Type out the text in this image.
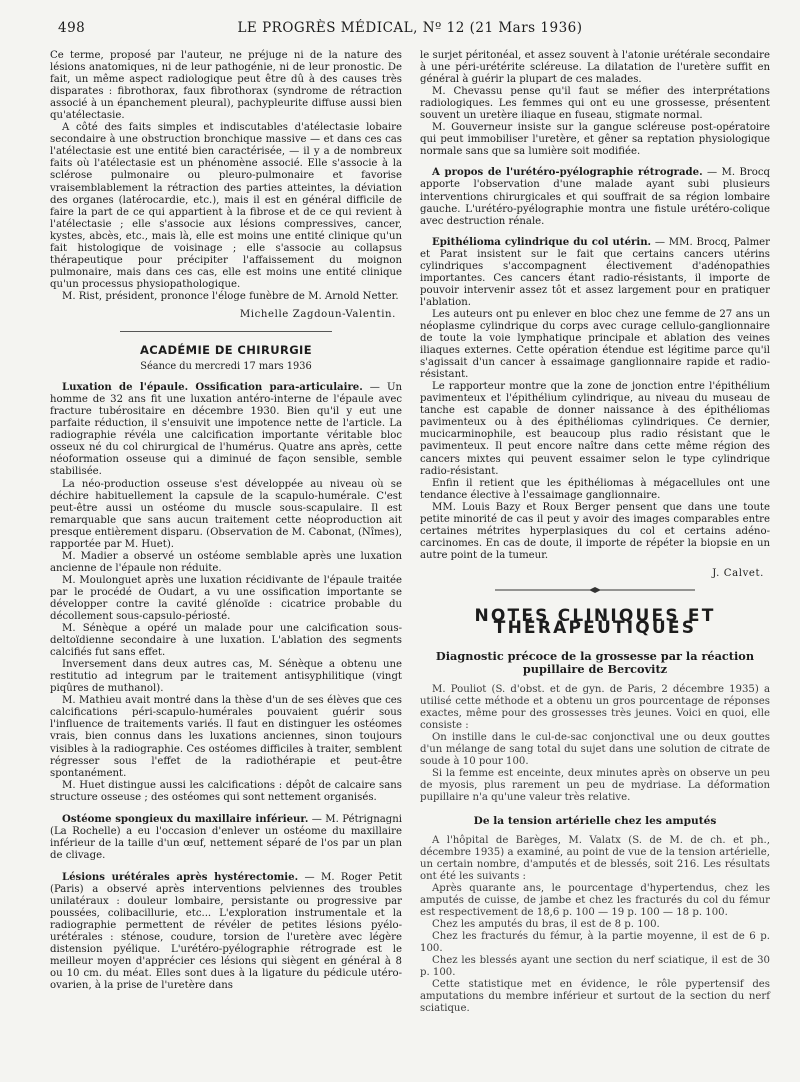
498	LE PROGRÈS MÉDICAL, Nº 12 (21 Mars 1936)

Ce terme, proposé par l'auteur, ne préjuge ni de la nature des lésions anatomiques, ni de leur pathogénie, ni de leur pronostic. De fait, un même aspect radiologique peut être dû à des causes très disparates : fibrothorax, faux fibrothorax (syndrome de rétraction associé à un épanchement pleural), pachypleurite diffuse aussi bien qu'atélectasie.

A côté des faits simples et indiscutables d'atélectasie lobaire secondaire à une obstruction bronchique massive — et dans ces cas l'atélectasie est une entité bien caractérisée, — il y a de nombreux faits où l'atélectasie est un phénomène associé. Elle s'associe à la sclérose pulmonaire ou pleuro-pulmonaire et favorise vraisemblablement la rétraction des parties atteintes, la déviation des organes (latérocardie, etc.), mais il est en général difficile de faire la part de ce qui appartient à la fibrose et de ce qui revient à l'atélectasie ; elle s'associe aux lésions compressives, cancer, kystes, abcès, etc., mais là, elle est moins une entité clinique qu'un fait histologique de voisinage ; elle s'associe au collapsus thérapeutique pour précipiter l'affaissement du moignon pulmonaire, mais dans ces cas, elle est moins une entité clinique qu'un processus physiopathologique.

M. Rist, président, prononce l'éloge funèbre de M. Arnold Netter.

Michelle Zagdoun-Valentin.
ACADÉMIE DE CHIRURGIE
Séance du mercredi 17 mars 1936

Luxation de l'épaule. Ossification para-articulaire. — Un homme de 32 ans fit une luxation antéro-interne de l'épaule avec fracture tubérositaire en décembre 1930. Bien qu'il y eut une parfaite réduction, il s'ensuivit une impotence nette de l'article. La radiographie révéla une calcification importante véritable bloc osseux né du col chirurgical de l'humérus. Quatre ans après, cette néoformation osseuse qui a diminué de façon sensible, semble stabilisée.

La néo-production osseuse s'est développée au niveau où se déchire habituellement la capsule de la scapulo-humérale. C'est peut-être aussi un ostéome du muscle sous-scapulaire. Il est remarquable que sans aucun traitement cette néoproduction ait presque entièrement disparu. (Observation de M. Cabonat, (Nîmes), rapportée par M. Huet).

M. Madier a observé un ostéome semblable après une luxation ancienne de l'épaule non réduite.

M. Moulonguet après une luxation récidivante de l'épaule traitée par le procédé de Oudart, a vu une ossification importante se développer contre la cavité glénoïde : cicatrice probable du décollement sous-capsulo-périosté.

M. Sénèque a opéré un malade pour une calcification sous-deltoïdienne secondaire à une luxation. L'ablation des segments calcifiés fut sans effet.

Inversement dans deux autres cas, M. Sénèque a obtenu une restitutio ad integrum par le traitement antisyphilitique (vingt piqûres de muthanol).

M. Mathieu avait montré dans la thèse d'un de ses élèves que ces calcifications péri-scapulo-humérales pouvaient guérir sous l'influence de traitements variés. Il faut en distinguer les ostéomes vrais, bien connus dans les luxations anciennes, sinon toujours visibles à la radiographie. Ces ostéomes difficiles à traiter, semblent régresser sous l'effet de la radiothérapie et peut-être spontanément.

M. Huet distingue aussi les calcifications : dépôt de calcaire sans structure osseuse ; des ostéomes qui sont nettement organisés.

Ostéome spongieux du maxillaire inférieur. — M. Pétrignagni (La Rochelle) a eu l'occasion d'enlever un ostéome du maxillaire inférieur de la taille d'un œuf, nettement séparé de l'os par un plan de clivage.

Lésions urétérales après hystérectomie. — M. Roger Petit (Paris) a observé après interventions pelviennes des troubles unilatéraux : douleur lombaire, persistante ou progressive par poussées, colibacillurie, etc... L'exploration instrumentale et la radiographie permettent de révéler de petites lésions pyélo-urétérales : sténose, coudure, torsion de l'uretère avec légère distension pyélique. L'urétéro-pyélographie rétrograde est le meilleur moyen d'apprécier ces lésions qui siègent en général à 8 ou 10 cm. du méat. Elles sont dues à la ligature du pédicule utéro-ovarien, à la prise de l'uretère dans

le surjet péritonéal, et assez souvent à l'atonie urétérale secondaire à une péri-urétérite scléreuse. La dilatation de l'uretère suffit en général à guérir la plupart de ces malades.

M. Chevassu pense qu'il faut se méfier des interprétations radiologiques. Les femmes qui ont eu une grossesse, présentent souvent un uretère iliaque en fuseau, stigmate normal.

M. Gouverneur insiste sur la gangue scléreuse post-opératoire qui peut immobiliser l'uretère, et gêner sa reptation physiologique normale sans que sa lumière soit modifiée.

A propos de l'urétéro-pyélographie rétrograde. — M. Brocq apporte l'observation d'une malade ayant subi plusieurs interventions chirurgicales et qui souffrait de sa région lombaire gauche. L'urétéro-pyélographie montra une fistule urétéro-colique avec destruction rénale.

Epithélioma cylindrique du col utérin. — MM. Brocq, Palmer et Parat insistent sur le fait que certains cancers utérins cylindriques s'accompagnent électivement d'adénopathies importantes. Ces cancers étant radio-résistants, il importe de pouvoir intervenir assez tôt et assez largement pour en pratiquer l'ablation.

Les auteurs ont pu enlever en bloc chez une femme de 27 ans un néoplasme cylindrique du corps avec curage cellulo-ganglionnaire de toute la voie lymphatique principale et ablation des veines iliaques externes. Cette opération étendue est légitime parce qu'il s'agissait d'un cancer à essaimage ganglionnaire rapide et radio-résistant.

Le rapporteur montre que la zone de jonction entre l'épithélium pavimenteux et l'épithélium cylindrique, au niveau du museau de tanche est capable de donner naissance à des épithéliomas pavimenteux ou à des épithéliomas cylindriques. Ce dernier, mucicarminophile, est beaucoup plus radio résistant que le pavimenteux. Il peut encore naître dans cette même région des cancers mixtes qui peuvent essaimer selon le type cylindrique radio-résistant.

Enfin il retient que les épithéliomas à mégacellules ont une tendance élective à l'essaimage ganglionnaire.

MM. Louis Bazy et Roux Berger pensent que dans une toute petite minorité de cas il peut y avoir des images comparables entre certaines métrites hyperplasiques du col et certains adéno-carcinomes. En cas de doute, il importe de répéter la biopsie en un autre point de la tumeur.

J. Calvet.
NOTES CLINIQUES ET THÉRAPEUTIQUES
Diagnostic précoce de la grossesse par la réaction pupillaire de Bercovitz

M. Pouliot (S. d'obst. et de gyn. de Paris, 2 décembre 1935) a utilisé cette méthode et a obtenu un gros pourcentage de réponses exactes, même pour des grossesses très jeunes. Voici en quoi, elle consiste :

On instille dans le cul-de-sac conjonctival une ou deux gouttes d'un mélange de sang total du sujet dans une solution de citrate de soude à 10 pour 100.

Si la femme est enceinte, deux minutes après on observe un peu de myosis, plus rarement un peu de mydriase. La déformation pupillaire n'a qu'une valeur très relative.

De la tension artérielle chez les amputés

A l'hôpital de Barèges, M. Valatx (S. de M. de ch. et ph., décembre 1935) a examiné, au point de vue de la tension artérielle, un certain nombre, d'amputés et de blessés, soit 216. Les résultats ont été les suivants :

Après quarante ans, le pourcentage d'hypertendus, chez les amputés de cuisse, de jambe et chez les fracturés du col du fémur est respectivement de 18,6 p. 100 — 19 p. 100 — 18 p. 100.

Chez les amputés du bras, il est de 8 p. 100.

Chez les fracturés du fémur, à la partie moyenne, il est de 6 p. 100.

Chez les blessés ayant une section du nerf sciatique, il est de 30 p. 100.

Cette statistique met en évidence, le rôle pypertensif des amputations du membre inférieur et surtout de la section du nerf sciatique.
